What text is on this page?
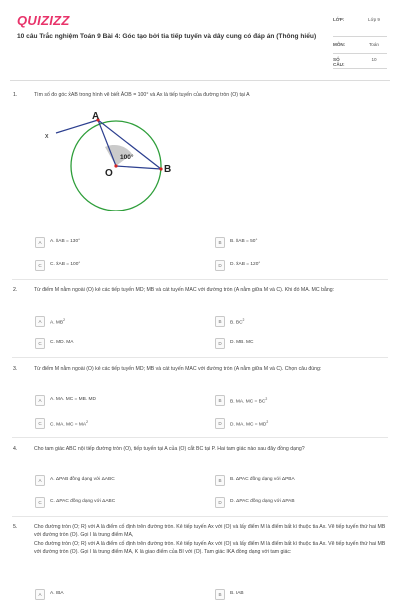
QUIZIZZ
10 câu Trắc nghiệm Toán 9 Bài 4: Góc tạo bởi tia tiếp tuyến và dây cung có đáp án (Thông hiểu)
LỚP:	Lớp 9
MÔN:	Toán
SỐ CÂU:
10
1.	Tìm số đo góc x̂AB trong hình vẽ biết ÂOB = 100° và Ax là tiếp tuyến của đường tròn (O) tại A
A
B
O
x
100°
A	A. x̂AB = 130°	B	B. x̂AB = 50°
C	C. x̂AB = 100°	D	D. x̂AB = 120°
2.	Từ điểm M nằm ngoài (O) kẻ các tiếp tuyến MD; MB và cát tuyến MAC với đường tròn (A nằm giữa M và C). Khi đó MA. MC bằng:
A	A. $MB^2$	B	B. $BC^2$
C	C. MD. MA	D	D. MB. MC
3.	Từ điểm M nằm ngoài (O) kẻ các tiếp tuyến MD; MB và cát tuyến MAC với đường tròn (A nằm giữa M và C). Chọn câu đúng:
A	A. MA. MC = MB. MD	B	B. MA. MC = $BC^2$
C	C. MA. MC = $MA^2$	D	D. MA. MC = $MD^2$
4.	Cho tam giác ABC nội tiếp đường tròn (O), tiếp tuyến tại A của (O) cắt BC tại P. Hai tam giác nào sau đây đồng dạng?
A	A. ΔPAB đồng dạng với ΔABC	B	B. ΔPAC đồng dạng với ΔPBA
C	C. ΔPAC đồng dạng với ΔABC	D	D. ΔPAC đồng dạng với ΔPAB
5.	Cho đường tròn (O; R) với A là điểm cố định trên đường tròn. Kẻ tiếp tuyến Ax với (O) và lấy điểm M là điểm bất kì thuộc tia Ax. Vẽ tiếp tuyến thứ hai MB với đường tròn (O). Gọi I là trung điểm MA,

Cho đường tròn (O; R) với A là điểm cố định trên đường tròn. Kẻ tiếp tuyến Ax với (O) và lấy điểm M là điểm bất kì thuộc tia Ax. Vẽ tiếp tuyến thứ hai MB với đường tròn (O). Gọi I là trung điểm MA, K là giao điểm của BI với (O). Tam giác IKA đồng dạng với tam giác:

A	A. IBA	B	B. IAB
